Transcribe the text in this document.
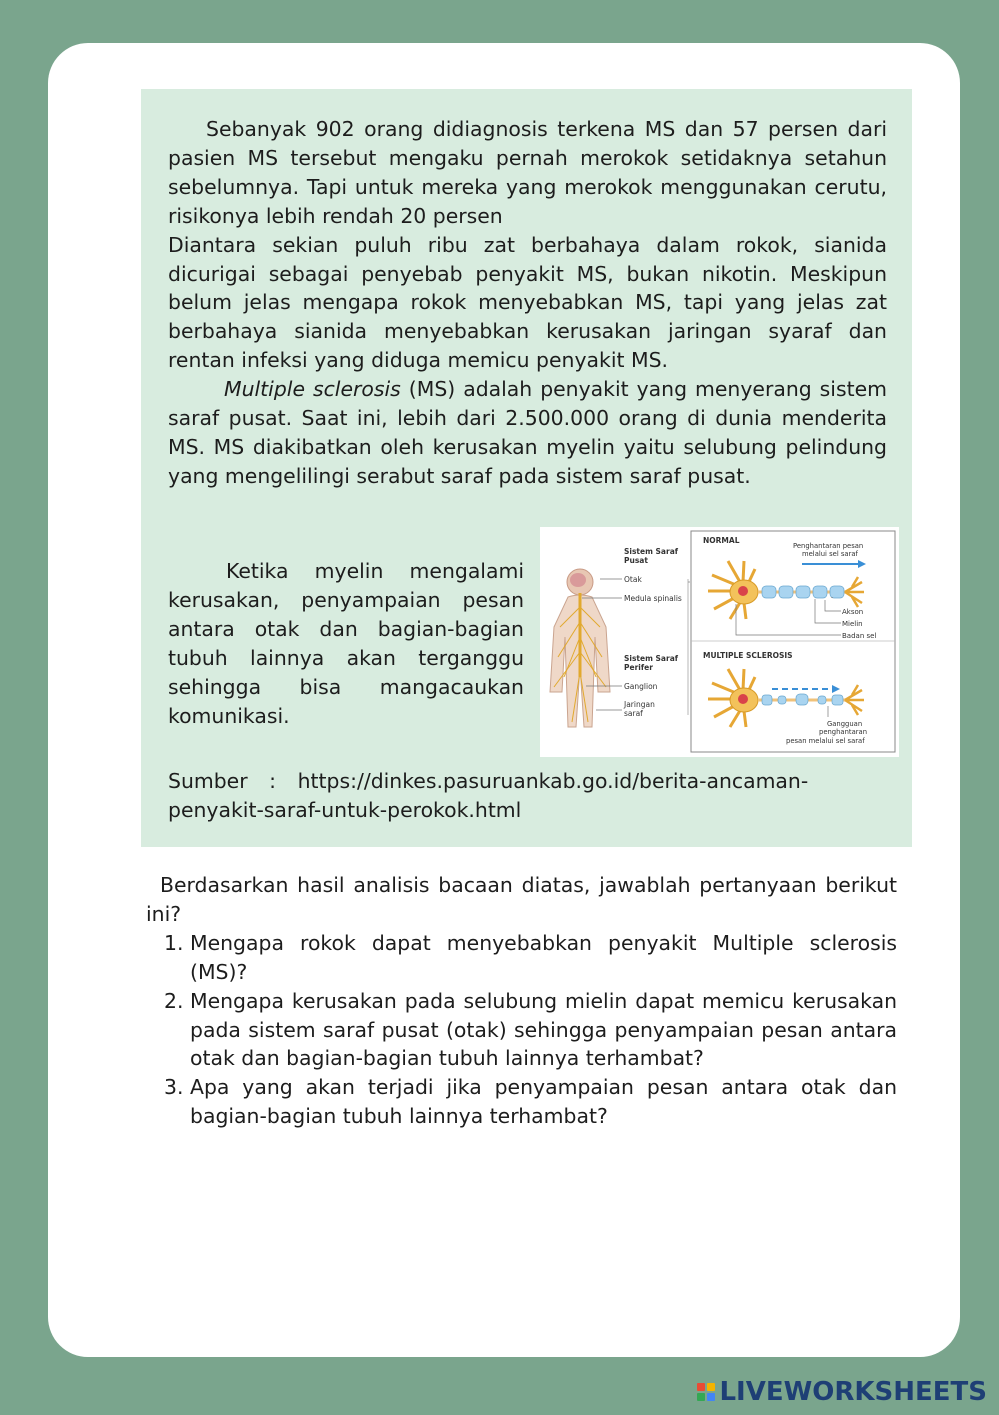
Sebanyak 902 orang didiagnosis terkena MS dan 57 persen dari pasien MS tersebut mengaku pernah merokok setidaknya setahun sebelumnya. Tapi untuk mereka yang merokok menggunakan cerutu, risikonya lebih rendah 20 persen

Diantara sekian puluh ribu zat berbahaya dalam rokok, sianida dicurigai sebagai penyebab penyakit MS, bukan nikotin. Meskipun belum jelas mengapa rokok menyebabkan MS, tapi yang jelas zat berbahaya sianida menyebabkan kerusakan jaringan syaraf dan rentan infeksi yang diduga memicu penyakit MS.

Multiple sclerosis (MS) adalah penyakit yang menyerang sistem saraf pusat. Saat ini, lebih dari 2.500.000 orang di dunia menderita MS. MS diakibatkan oleh kerusakan myelin yaitu selubung pelindung yang mengelilingi serabut saraf pada sistem saraf pusat.

Ketika myelin mengalami kerusakan, penyampaian pesan antara otak dan bagian-bagian tubuh lainnya akan terganggu sehingga bisa mangacaukan komunikasi.

Sistem Saraf
Pusat
Otak
Medula spinalis
Sistem Saraf
Perifer
Ganglion
Jaringan
saraf
NORMAL
Penghantaran pesan
melalui sel saraf
Akson
Mielin
Badan sel
MULTIPLE SCLEROSIS
Gangguan
penghantaran
pesan melalui sel saraf

Sumber : https://dinkes.pasuruankab.go.id/berita-ancaman-penyakit-saraf-untuk-perokok.html

Berdasarkan hasil analisis bacaan diatas, jawablah pertanyaan berikut ini?

1. Mengapa rokok dapat menyebabkan penyakit Multiple sclerosis (MS)?
2. Mengapa kerusakan pada selubung mielin dapat memicu kerusakan pada sistem saraf pusat (otak) sehingga penyampaian pesan antara otak dan bagian-bagian tubuh lainnya terhambat?
3. Apa yang akan terjadi jika penyampaian pesan antara otak dan bagian-bagian tubuh lainnya terhambat?
LIVEWORKSHEETS
